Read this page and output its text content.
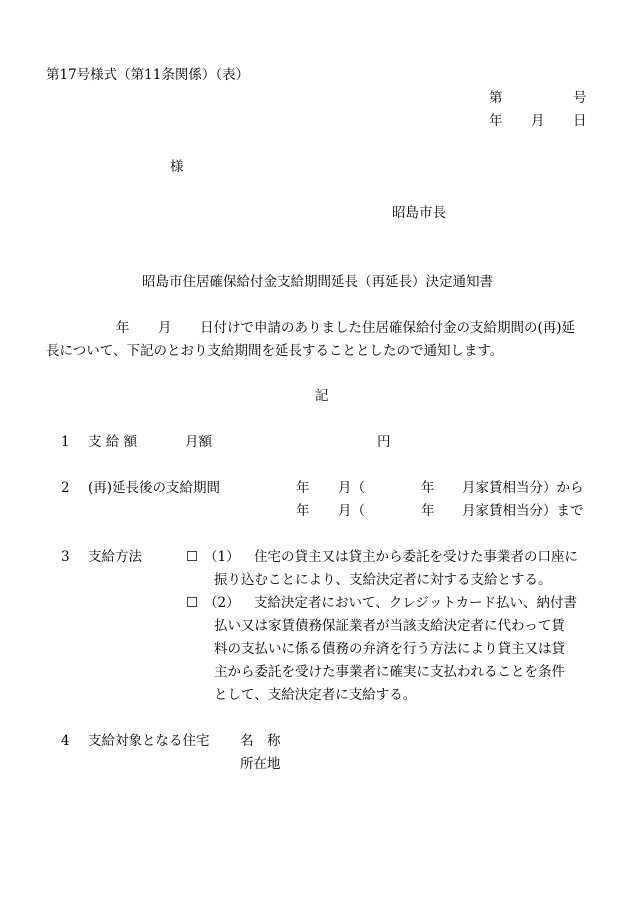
第17号様式（第11条関係）（表）
第	号
年 月 日
様
昭島市長
昭島市住居確保給付金支給期間延長（再延長）決定通知書
年 月 日付けで申請のありました住居確保給付金の支給期間の(再)延
長について、下記のとおり支給期間を延長することとしたので通知します。
記
1 支 給 額	月額	円
2 (再)延長後の支給期間	年 月（	年 月家賃相当分）から
年 月（	年 月家賃相当分）まで
3 支給方法	☐ （1） 住宅の貸主又は貸主から委託を受けた事業者の口座に
振り込むことにより、支給決定者に対する支給とする。
☐ （2） 支給決定者において、クレジットカード払い、納付書
払い又は家賃債務保証業者が当該支給決定者に代わって賃
料の支払いに係る債務の弁済を行う方法により貸主又は貸
主から委託を受けた事業者に確実に支払われることを条件
として、支給決定者に支給する。
4 支給対象となる住宅 名　称
所在地
